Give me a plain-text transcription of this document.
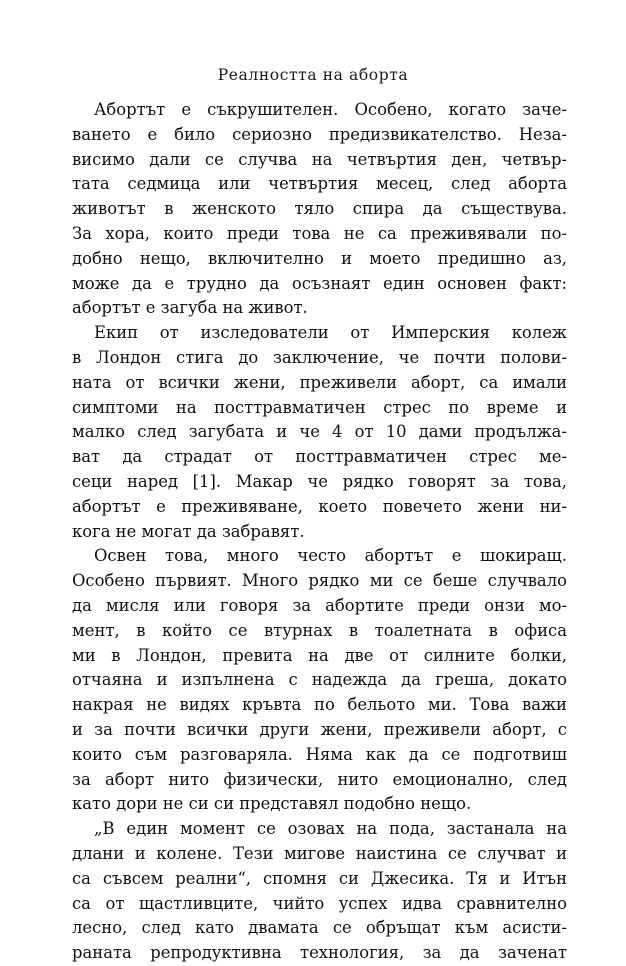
Реалността на аборта
Абортът е съкрушителен. Особено, когато заче-
ването е било сериозно предизвикателство. Неза-
висимо дали се случва на четвъртия ден, четвър-
тата седмица или четвъртия месец, след аборта
животът в женското тяло спира да съществува.
За хора, които преди това не са преживявали по-
добно нещо, включително и моето предишно аз,
може да е трудно да осъзнаят един основен факт:
абортът е загуба на живот.
Екип от изследователи от Имперския колеж
в Лондон стига до заключение, че почти полови-
ната от всички жени, преживели аборт, са имали
симптоми на посттравматичен стрес по време и
малко след загубата и че 4 от 10 дами продължа-
ват да страдат от посттравматичен стрес ме-
сеци наред [1]. Макар че рядко говорят за това,
абортът е преживяване, което повечето жени ни-
кога не могат да забравят.
Освен това, много често абортът е шокиращ.
Особено първият. Много рядко ми се беше случвало
да мисля или говоря за абортите преди онзи мо-
мент, в който се втурнах в тоалетната в офиса
ми в Лондон, превита на две от силните болки,
отчаяна и изпълнена с надежда да греша, докато
накрая не видях кръвта по бельото ми. Това важи
и за почти всички други жени, преживели аборт, с
които съм разговаряла. Няма как да се подготвиш
за аборт нито физически, нито емоционално, след
като дори не си си представял подобно нещо.
„В един момент се озовах на пода, застанала на
длани и колене. Тези мигове наистина се случват и
са съвсем реални“, спомня си Джесика. Тя и Итън
са от щастливците, чийто успех идва сравнително
лесно, след като двамата се обръщат към асисти-
раната репродуктивна технология, за да заченат
